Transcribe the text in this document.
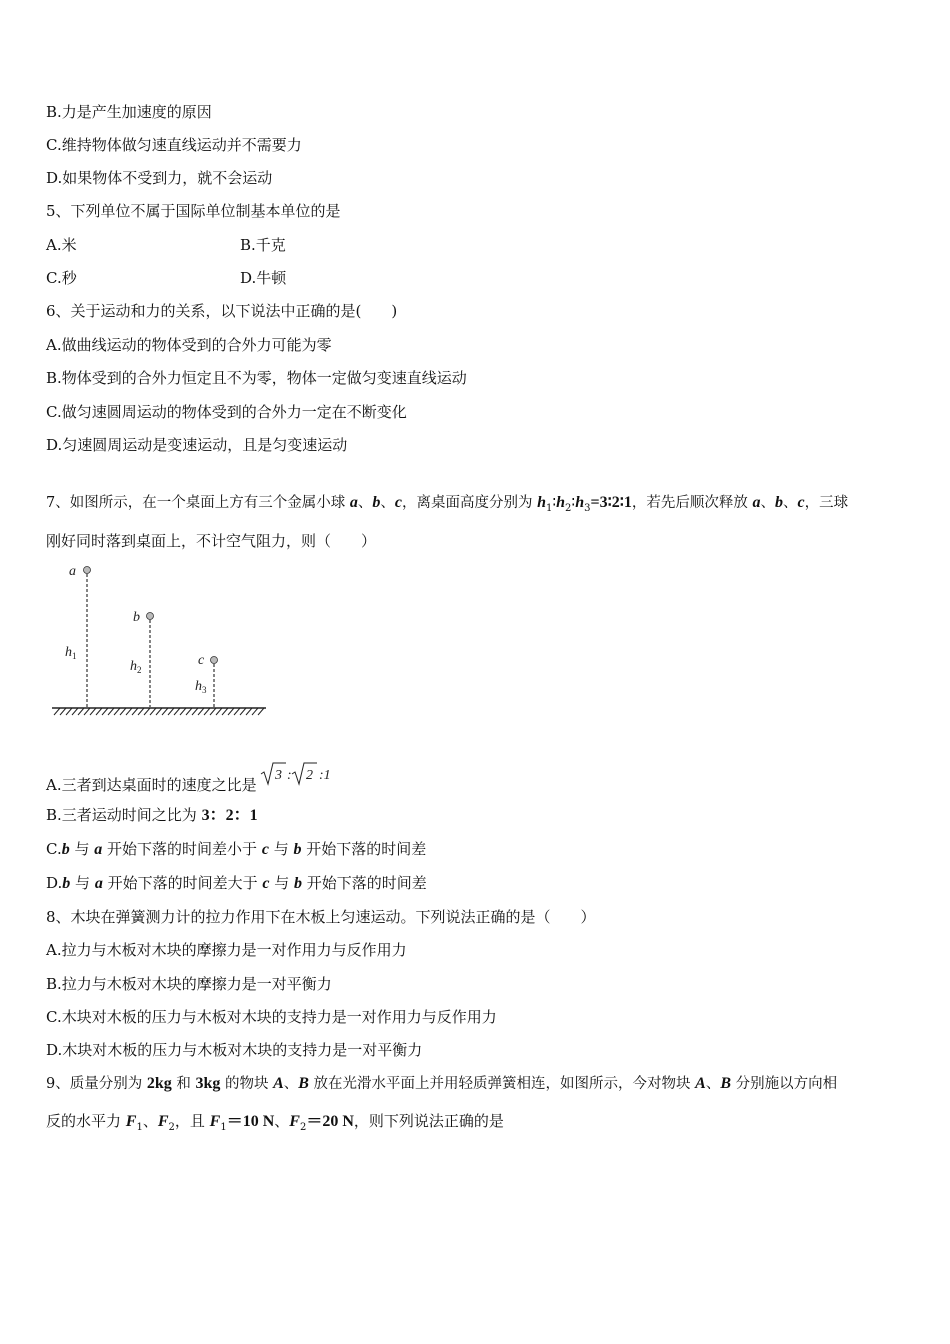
B.力是产生加速度的原因
C.维持物体做匀速直线运动并不需要力
D.如果物体不受到力，就不会运动
5、下列单位不属于国际单位制基本单位的是
A.米	B.千克
C.秒	D.牛顿
6、关于运动和力的关系，以下说法中正确的是(　　)
A.做曲线运动的物体受到的合外力可能为零
B.物体受到的合外力恒定且不为零，物体一定做匀变速直线运动
C.做匀速圆周运动的物体受到的合外力一定在不断变化
D.匀速圆周运动是变速运动，且是匀变速运动
7、如图所示，在一个桌面上方有三个金属小球 a、b、c，离桌面高度分别为 $h_1∶h_2∶h_3=3∶2∶1$，若先后顺次释放 a、b、c，三球
刚好同时落到桌面上，不计空气阻力，则（　　）
a
b
c
$h_1$
$h_2$
$h_3$
A.三者到达桌面时的速度之比是
3 : 2 :1
B.三者运动时间之比为 3：2：1
C.b 与 a 开始下落的时间差小于 c 与 b 开始下落的时间差
D.b 与 a 开始下落的时间差大于 c 与 b 开始下落的时间差
8、木块在弹簧测力计的拉力作用下在木板上匀速运动。下列说法正确的是（　　）
A.拉力与木板对木块的摩擦力是一对作用力与反作用力
B.拉力与木板对木块的摩擦力是一对平衡力
C.木块对木板的压力与木板对木块的支持力是一对作用力与反作用力
D.木块对木板的压力与木板对木块的支持力是一对平衡力
9、质量分别为 2kg 和 3kg 的物块 A、B 放在光滑水平面上并用轻质弹簧相连，如图所示，今对物块 A、B 分别施以方向相
反的水平力 $F_1$、$F_2$，且 $F_1=10$ N、$F_2=20$ N，则下列说法正确的是
